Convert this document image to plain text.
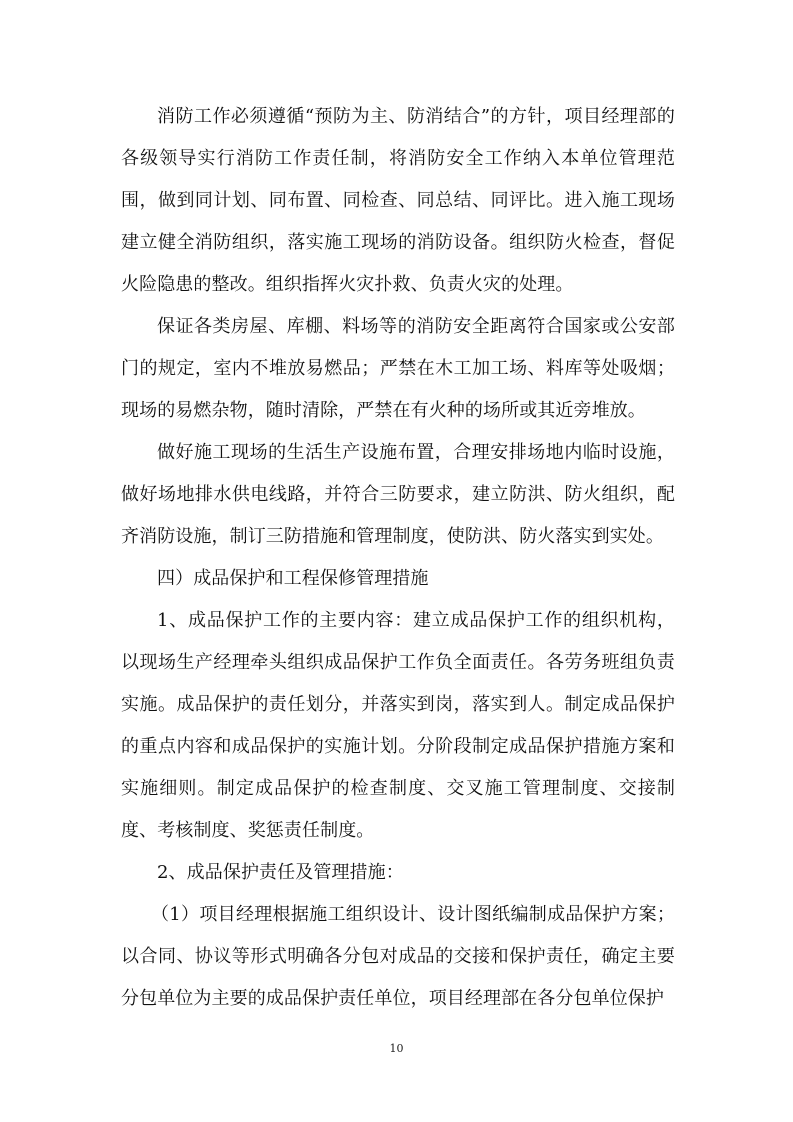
消防工作必须遵循“预防为主、防消结合”的方针，项目经理部的各级领导实行消防工作责任制，将消防安全工作纳入本单位管理范围，做到同计划、同布置、同检查、同总结、同评比。进入施工现场建立健全消防组织，落实施工现场的消防设备。组织防火检查，督促火险隐患的整改。组织指挥火灾扑救、负责火灾的处理。

保证各类房屋、库棚、料场等的消防安全距离符合国家或公安部门的规定，室内不堆放易燃品；严禁在木工加工场、料库等处吸烟；现场的易燃杂物，随时清除，严禁在有火种的场所或其近旁堆放。

做好施工现场的生活生产设施布置，合理安排场地内临时设施，做好场地排水供电线路，并符合三防要求，建立防洪、防火组织，配齐消防设施，制订三防措施和管理制度，使防洪、防火落实到实处。

四）成品保护和工程保修管理措施

1、成品保护工作的主要内容：建立成品保护工作的组织机构，以现场生产经理牵头组织成品保护工作负全面责任。各劳务班组负责实施。成品保护的责任划分，并落实到岗，落实到人。制定成品保护的重点内容和成品保护的实施计划。分阶段制定成品保护措施方案和实施细则。制定成品保护的检查制度、交叉施工管理制度、交接制度、考核制度、奖惩责任制度。

2、成品保护责任及管理措施：

（1）项目经理根据施工组织设计、设计图纸编制成品保护方案；以合同、协议等形式明确各分包对成品的交接和保护责任，确定主要分包单位为主要的成品保护责任单位，项目经理部在各分包单位保护

10
